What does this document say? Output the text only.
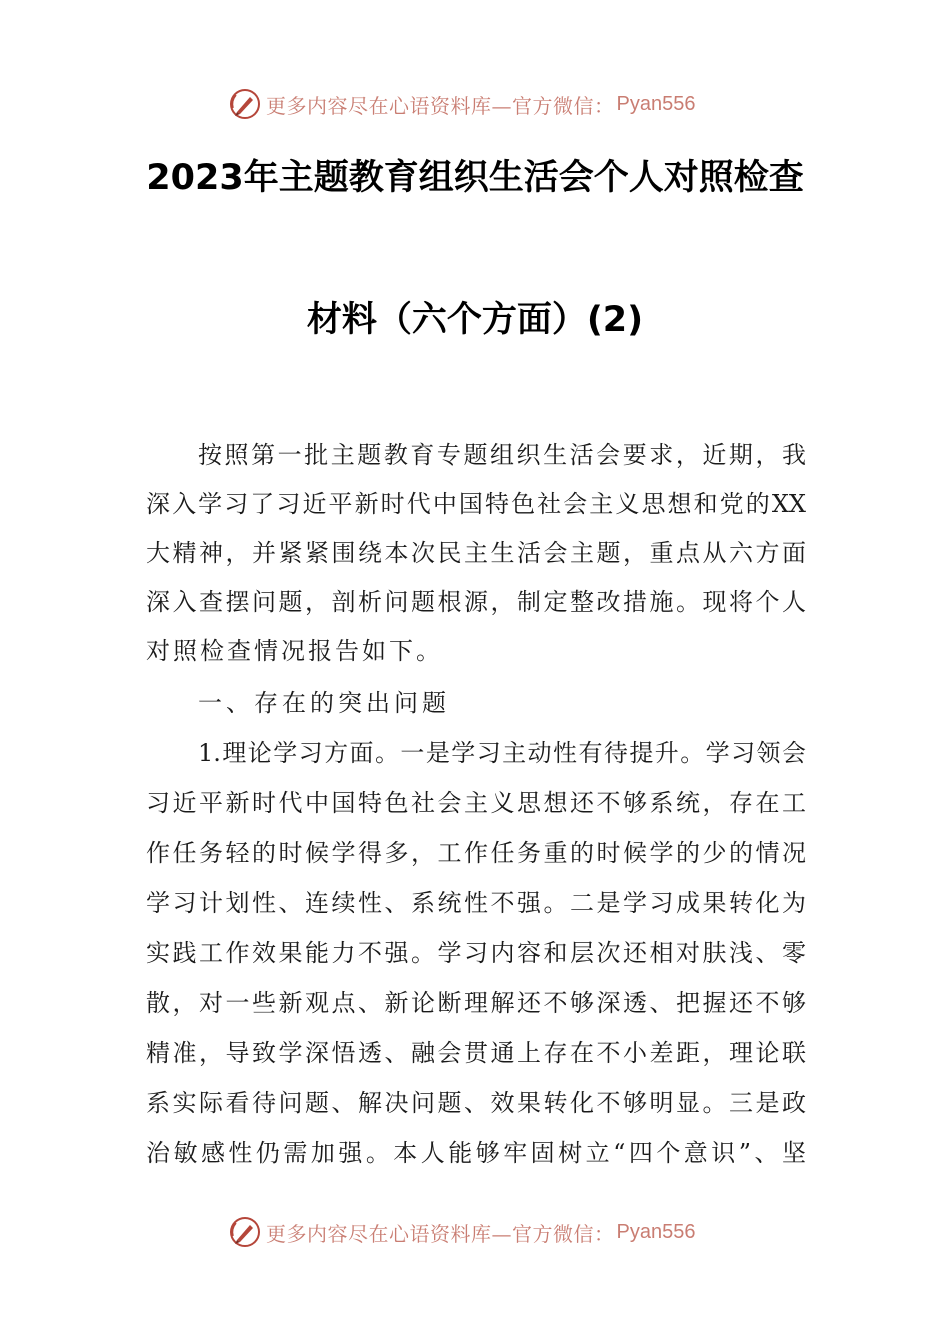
更多内容尽在心语资料库—官方微信： Pyan556
2023年主题教育组织生活会个人对照检查
材料（六个方面）(2)
按照第一批主题教育专题组织生活会要求，近期，我
深入学习了习近平新时代中国特色社会主义思想和党的XX
大精神，并紧紧围绕本次民主生活会主题，重点从六方面
深入查摆问题，剖析问题根源，制定整改措施。现将个人
对照检查情况报告如下。
一、存在的突出问题
1.理论学习方面。一是学习主动性有待提升。学习领会
习近平新时代中国特色社会主义思想还不够系统，存在工
作任务轻的时候学得多，工作任务重的时候学的少的情况
学习计划性、连续性、系统性不强。二是学习成果转化为
实践工作效果能力不强。学习内容和层次还相对肤浅、零
散，对一些新观点、新论断理解还不够深透、把握还不够
精准，导致学深悟透、融会贯通上存在不小差距，理论联
系实际看待问题、解决问题、效果转化不够明显。三是政
治敏感性仍需加强。本人能够牢固树立“四个意识”、坚
更多内容尽在心语资料库—官方微信： Pyan556
